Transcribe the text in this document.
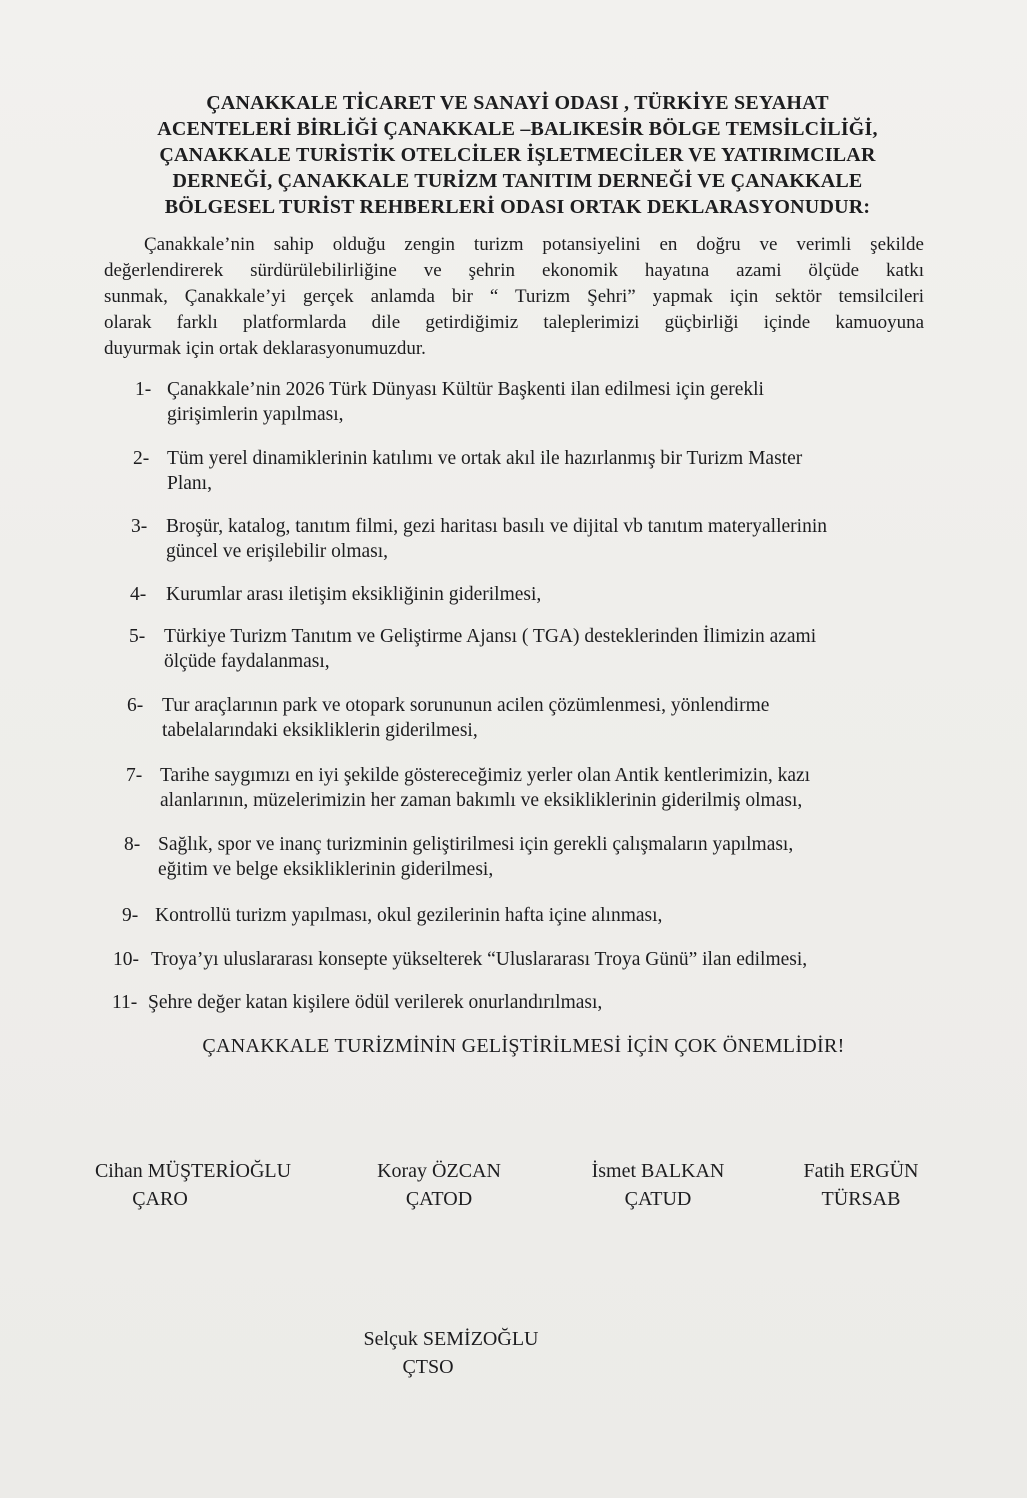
ÇANAKKALE TİCARET VE SANAYİ ODASI , TÜRKİYE SEYAHAT
ACENTELERİ BİRLİĞİ ÇANAKKALE –BALIKESİR BÖLGE TEMSİLCİLİĞİ,
ÇANAKKALE TURİSTİK OTELCİLER İŞLETMECİLER VE YATIRIMCILAR
DERNEĞİ, ÇANAKKALE TURİZM TANITIM DERNEĞİ VE ÇANAKKALE
BÖLGESEL TURİST REHBERLERİ ODASI ORTAK DEKLARASYONUDUR:
Çanakkale’nin sahip olduğu zengin turizm potansiyelini en doğru ve verimli şekilde
değerlendirerek sürdürülebilirliğine ve şehrin ekonomik hayatına azami ölçüde katkı
sunmak, Çanakkale’yi gerçek anlamda bir “ Turizm Şehri” yapmak için sektör temsilcileri
olarak farklı platformlarda dile getirdiğimiz taleplerimizi güçbirliği içinde kamuoyuna
duyurmak için ortak deklarasyonumuzdur.
1- Çanakkale’nin 2026 Türk Dünyası Kültür Başkenti ilan edilmesi için gerekli
girişimlerin yapılması,
2- Tüm yerel dinamiklerinin katılımı ve ortak akıl ile hazırlanmış bir Turizm Master
Planı,
3- Broşür, katalog, tanıtım filmi, gezi haritası basılı ve dijital vb tanıtım materyallerinin
güncel ve erişilebilir olması,
4- Kurumlar arası iletişim eksikliğinin giderilmesi,
5- Türkiye Turizm Tanıtım ve Geliştirme Ajansı ( TGA) desteklerinden İlimizin azami
ölçüde faydalanması,
6- Tur araçlarının park ve otopark sorununun acilen çözümlenmesi, yönlendirme
tabelalarındaki eksikliklerin giderilmesi,
7- Tarihe saygımızı en iyi şekilde göstereceğimiz yerler olan Antik kentlerimizin, kazı
alanlarının, müzelerimizin her zaman bakımlı ve eksikliklerinin giderilmiş olması,
8- Sağlık, spor ve inanç turizminin geliştirilmesi için gerekli çalışmaların yapılması,
eğitim ve belge eksikliklerinin giderilmesi,
9- Kontrollü turizm yapılması, okul gezilerinin hafta içine alınması,
10- Troya’yı uluslararası konsepte yükselterek “Uluslararası Troya Günü” ilan edilmesi,
11- Şehre değer katan kişilere ödül verilerek onurlandırılması,
ÇANAKKALE TURİZMİNİN GELİŞTİRİLMESİ İÇİN ÇOK ÖNEMLİDİR!
Cihan MÜŞTERİOĞLU
ÇARO
Koray ÖZCAN
ÇATOD
İsmet BALKAN
ÇATUD
Fatih ERGÜN
TÜRSAB
Selçuk SEMİZOĞLU
ÇTSO
